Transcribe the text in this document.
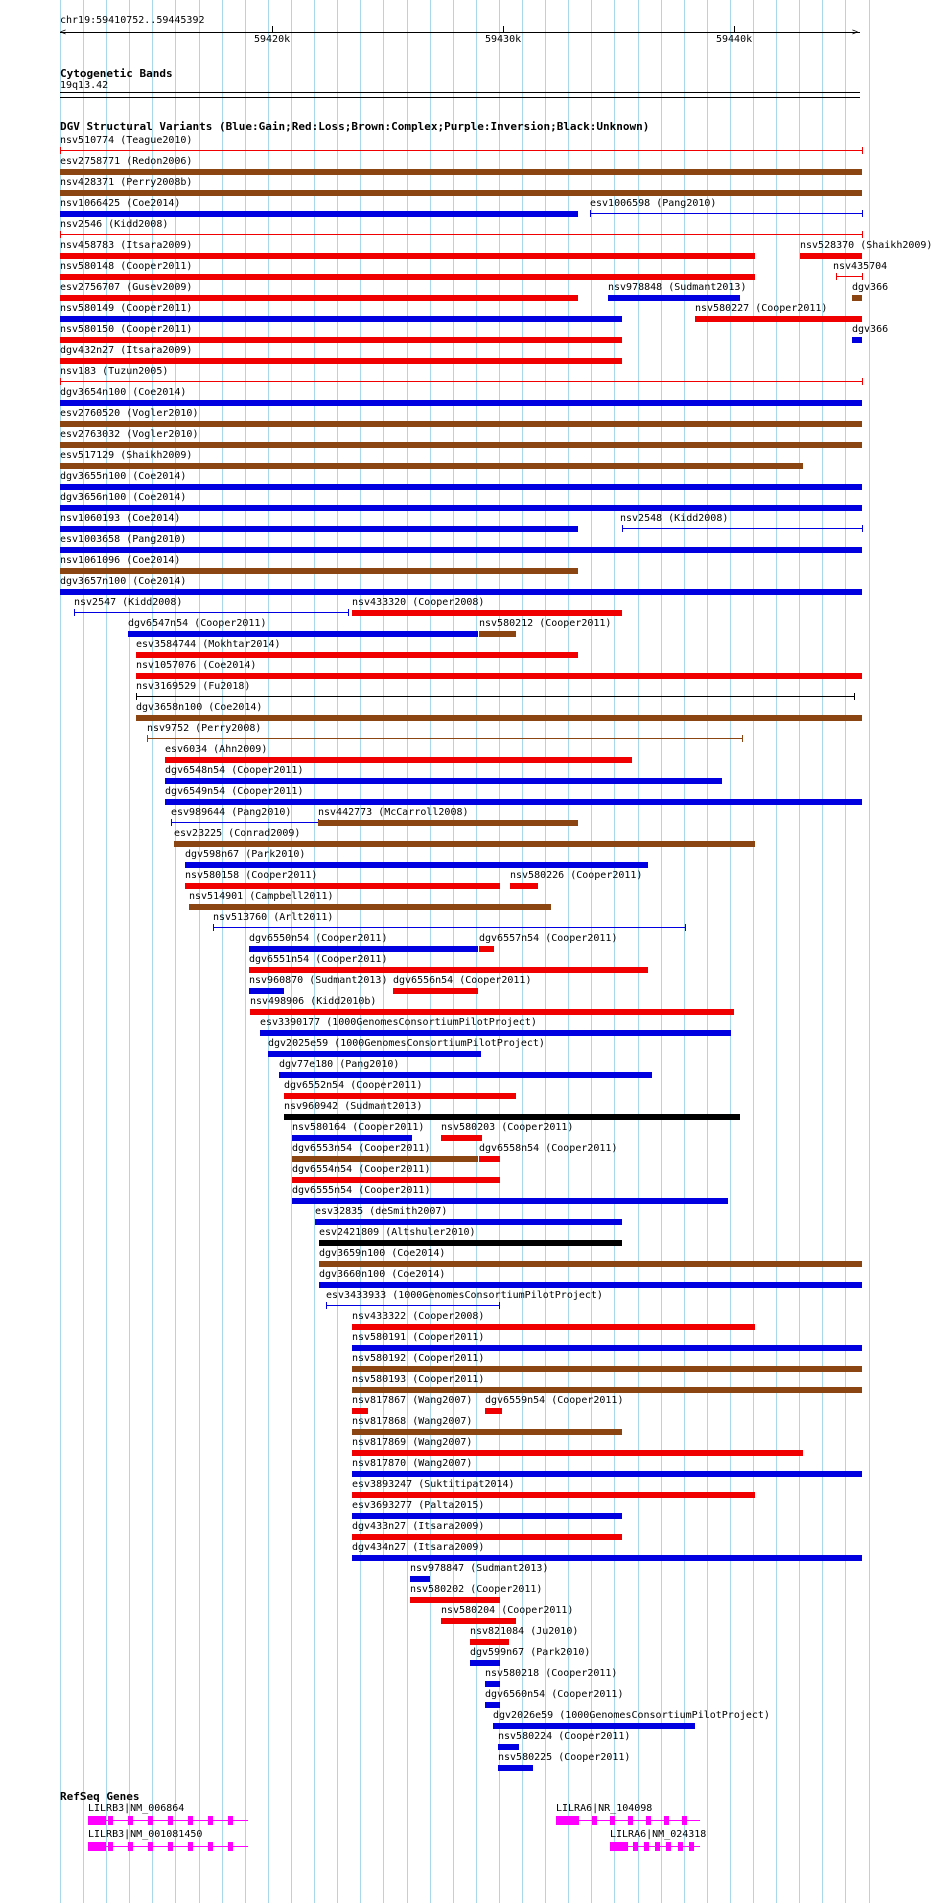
chr19:59410752..59445392
<	>
59420k	59430k	59440k
Cytogenetic Bands
19q13.42
DGV Structural Variants (Blue:Gain;Red:Loss;Brown:Complex;Purple:Inversion;Black:Unknown)
nsv510774 (Teague2010)
esv2758771 (Redon2006)
nsv428371 (Perry2008b)
nsv1066425 (Coe2014)	esv1006598 (Pang2010)
nsv2546 (Kidd2008)
nsv458783 (Itsara2009)	nsv528370 (Shaikh2009)
nsv580148 (Cooper2011)	nsv435704
esv2756707 (Gusev2009)	nsv978848 (Sudmant2013)	dgv366
nsv580149 (Cooper2011)	nsv580227 (Cooper2011)
nsv580150 (Cooper2011)	dgv366
dgv432n27 (Itsara2009)
nsv183 (Tuzun2005)
dgv3654n100 (Coe2014)
esv2760520 (Vogler2010)
esv2763032 (Vogler2010)
esv517129 (Shaikh2009)
dgv3655n100 (Coe2014)
dgv3656n100 (Coe2014)
nsv1060193 (Coe2014)	nsv2548 (Kidd2008)
esv1003658 (Pang2010)
nsv1061096 (Coe2014)
dgv3657n100 (Coe2014)
nsv2547 (Kidd2008)	nsv433320 (Cooper2008)
dgv6547n54 (Cooper2011)	nsv580212 (Cooper2011)
esv3584744 (Mokhtar2014)
nsv1057076 (Coe2014)
nsv3169529 (Fu2018)
dgv3658n100 (Coe2014)
nsv9752 (Perry2008)
esv6034 (Ahn2009)
dgv6548n54 (Cooper2011)
dgv6549n54 (Cooper2011)
esv989644 (Pang2010)	nsv442773 (McCarroll2008)
esv23225 (Conrad2009)
dgv598n67 (Park2010)
nsv580158 (Cooper2011)	nsv580226 (Cooper2011)
nsv514901 (Campbell2011)
nsv513760 (Arlt2011)
dgv6550n54 (Cooper2011)	dgv6557n54 (Cooper2011)
dgv6551n54 (Cooper2011)
nsv960870 (Sudmant2013) dgv6556n54 (Cooper2011)
nsv498906 (Kidd2010b)
esv3390177 (1000GenomesConsortiumPilotProject)
dgv2025e59 (1000GenomesConsortiumPilotProject)
dgv77e180 (Pang2010)
dgv6552n54 (Cooper2011)
nsv960942 (Sudmant2013)
nsv580164 (Cooper2011) nsv580203 (Cooper2011)
dgv6553n54 (Cooper2011)	dgv6558n54 (Cooper2011)
dgv6554n54 (Cooper2011)
dgv6555n54 (Cooper2011)
esv32835 (deSmith2007)
esv2421809 (Altshuler2010)
dgv3659n100 (Coe2014)
dgv3660n100 (Coe2014)
esv3433933 (1000GenomesConsortiumPilotProject)
nsv433322 (Cooper2008)
nsv580191 (Cooper2011)
nsv580192 (Cooper2011)
nsv580193 (Cooper2011)
nsv817867 (Wang2007) dgv6559n54 (Cooper2011)
nsv817868 (Wang2007)
nsv817869 (Wang2007)
nsv817870 (Wang2007)
esv3893247 (Suktitipat2014)
esv3693277 (Palta2015)
dgv433n27 (Itsara2009)
dgv434n27 (Itsara2009)
nsv978847 (Sudmant2013)
nsv580202 (Cooper2011)
nsv580204 (Cooper2011)
nsv821084 (Ju2010)
dgv599n67 (Park2010)
nsv580218 (Cooper2011)
dgv6560n54 (Cooper2011)
dgv2026e59 (1000GenomesConsortiumPilotProject)
nsv580224 (Cooper2011)
nsv580225 (Cooper2011)
RefSeq Genes
LILRB3|NM_006864
LILRB3|NM_001081450
LILRA6|NR_104098
LILRA6|NM_024318
